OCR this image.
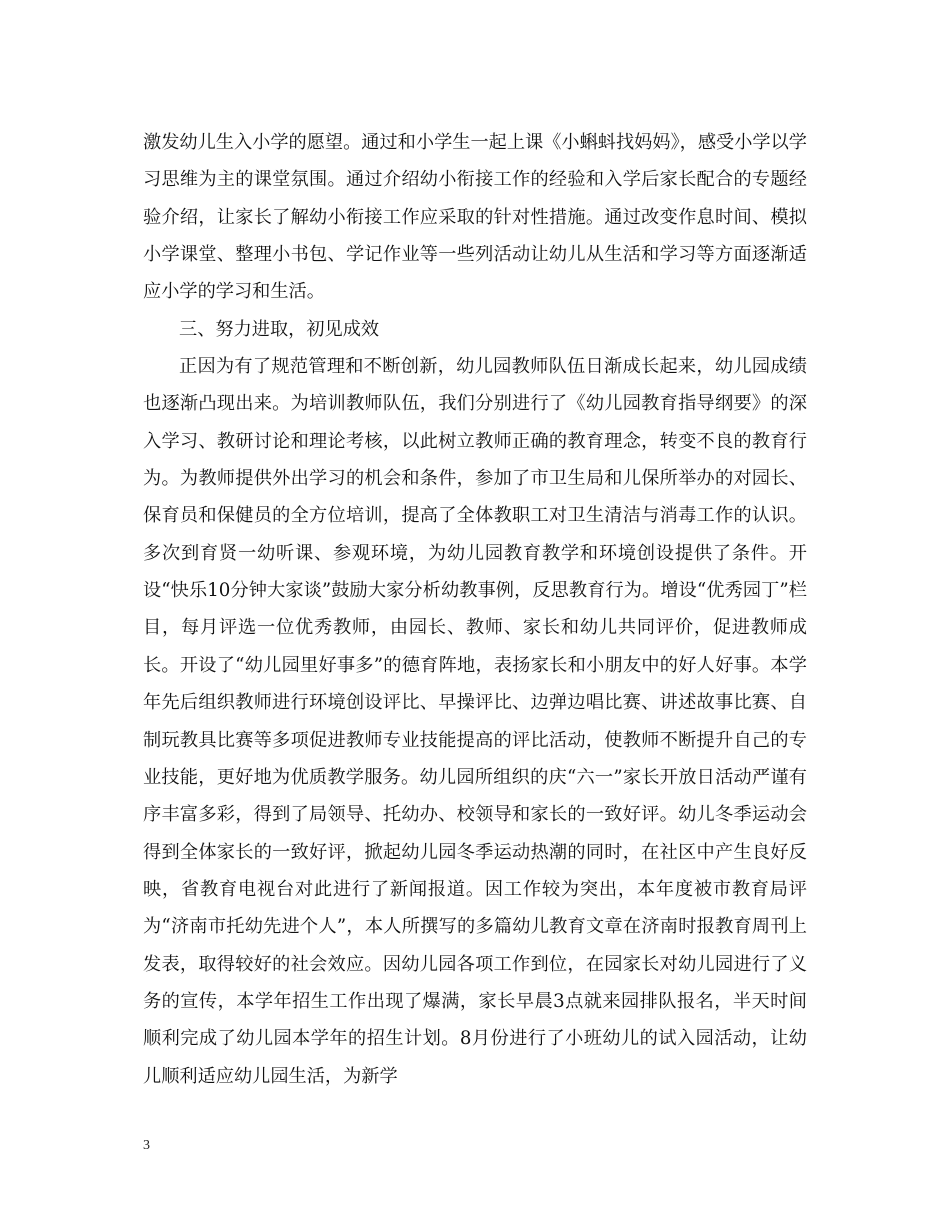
激发幼儿生入小学的愿望。通过和小学生一起上课《小蝌蚪找妈妈》，感受小学以学习思维为主的课堂氛围。通过介绍幼小衔接工作的经验和入学后家长配合的专题经验介绍，让家长了解幼小衔接工作应采取的针对性措施。通过改变作息时间、模拟小学课堂、整理小书包、学记作业等一些列活动让幼儿从生活和学习等方面逐渐适应小学的学习和生活。

三、努力进取，初见成效

正因为有了规范管理和不断创新，幼儿园教师队伍日渐成长起来，幼儿园成绩也逐渐凸现出来。为培训教师队伍，我们分别进行了《幼儿园教育指导纲要》的深入学习、教研讨论和理论考核，以此树立教师正确的教育理念，转变不良的教育行为。为教师提供外出学习的机会和条件，参加了市卫生局和儿保所举办的对园长、保育员和保健员的全方位培训，提高了全体教职工对卫生清洁与消毒工作的认识。多次到育贤一幼听课、参观环境，为幼儿园教育教学和环境创设提供了条件。开设“快乐10分钟大家谈”鼓励大家分析幼教事例，反思教育行为。增设“优秀园丁”栏目，每月评选一位优秀教师，由园长、教师、家长和幼儿共同评价，促进教师成长。开设了“幼儿园里好事多”的德育阵地，表扬家长和小朋友中的好人好事。本学年先后组织教师进行环境创设评比、早操评比、边弹边唱比赛、讲述故事比赛、自制玩教具比赛等多项促进教师专业技能提高的评比活动，使教师不断提升自己的专业技能，更好地为优质教学服务。幼儿园所组织的庆“六一”家长开放日活动严谨有序丰富多彩，得到了局领导、托幼办、校领导和家长的一致好评。幼儿冬季运动会得到全体家长的一致好评，掀起幼儿园冬季运动热潮的同时，在社区中产生良好反映，省教育电视台对此进行了新闻报道。因工作较为突出，本年度被市教育局评为“济南市托幼先进个人”，本人所撰写的多篇幼儿教育文章在济南时报教育周刊上发表，取得较好的社会效应。因幼儿园各项工作到位，在园家长对幼儿园进行了义务的宣传，本学年招生工作出现了爆满，家长早晨3点就来园排队报名，半天时间顺利完成了幼儿园本学年的招生计划。8月份进行了小班幼儿的试入园活动，让幼儿顺利适应幼儿园生活，为新学

3
